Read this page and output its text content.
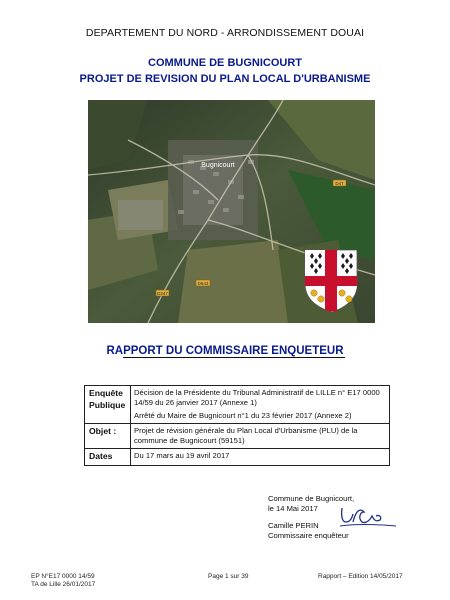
DEPARTEMENT DU NORD - ARRONDISSEMENT DOUAI
COMMUNE DE BUGNICOURT
PROJET DE REVISION DU PLAN LOCAL D'URBANISME
D47
D643
D247
Bugnicourt
RAPPORT DU COMMISSAIRE ENQUETEUR
Enquête Publique	Décision de la Présidente du Tribunal Administratif de LILLE n° E17 0000 14/59 du 26 janvier 2017 (Annexe 1)
Arrêté du Maire de Bugnicourt n°1 du 23 février 2017 (Annexe 2)

Objet :	Projet de révision générale du Plan Local d'Urbanisme (PLU) de la commune de Bugnicourt (59151)
Dates	Du 17 mars au 19 avril 2017
Commune de Bugnicourt,
le 14 Mai 2017
Camille PERIN
Commissaire enquêteur
EP N°E17 0000 14/59
TA de Lille 26/01/2017
Page 1 sur 39	Rapport – Edition 14/05/2017
